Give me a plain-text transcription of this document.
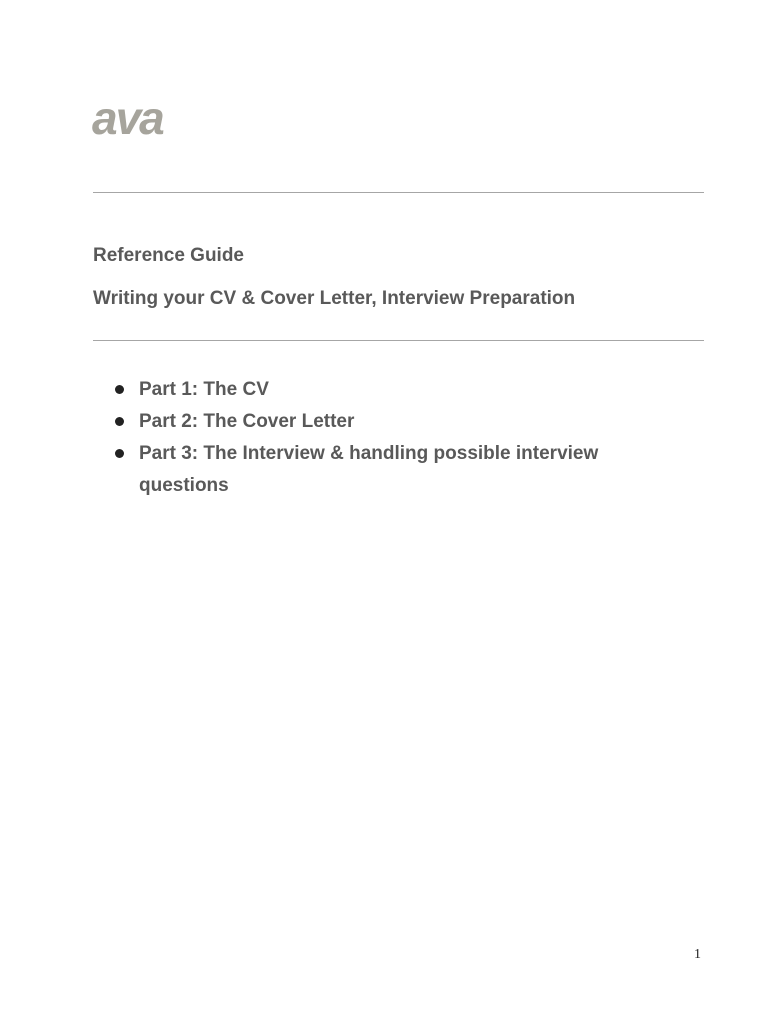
ava
Reference Guide
Writing your CV & Cover Letter, Interview Preparation
Part 1: The CV
Part 2: The Cover Letter
Part 3: The Interview & handling possible interview questions
1
